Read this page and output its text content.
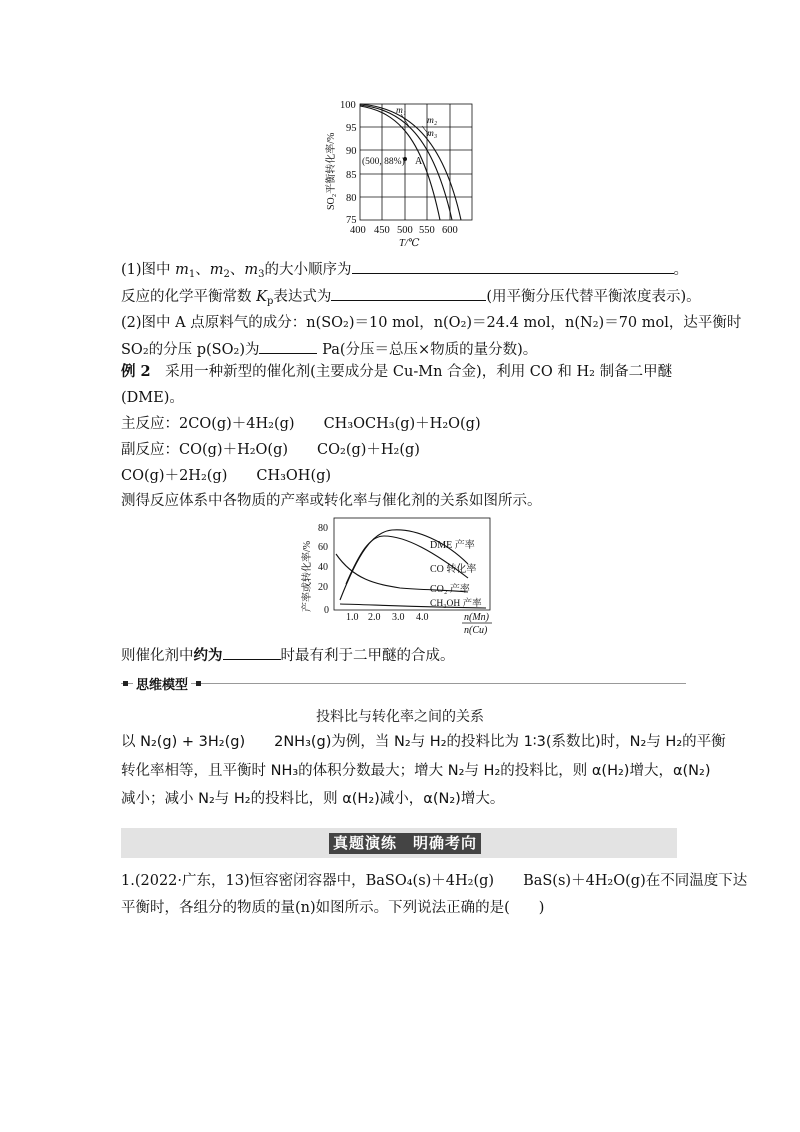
100
95
90
85
80
75
400 450 500 550 600
T/℃
m₁
m₂
m₃
(500, 88%) A
SO₂平衡转化率/%
(1)图中 $m_1$、$m_2$、$m_3$的大小顺序为	。
反应的化学平衡常数 $K_p$表达式为	(用平衡分压代替平衡浓度表示)。
(2)图中 A 点原料气的成分：n(SO₂)＝10 mol，n(O₂)＝24.4 mol，n(N₂)＝70 mol，达平衡时
SO₂的分压 p(SO₂)为	Pa(分压＝总压×物质的量分数)。
例 2　采用一种新型的催化剂(主要成分是 Cu-Mn 合金)，利用 CO 和 H₂ 制备二甲醚
(DME)。
主反应：2CO(g)＋4H₂(g)　　CH₃OCH₃(g)＋H₂O(g)
副反应：CO(g)＋H₂O(g)　　CO₂(g)＋H₂(g)
CO(g)＋2H₂(g)　　CH₃OH(g)
测得反应体系中各物质的产率或转化率与催化剂的关系如图所示。
80
60
40
20
0
1.0 2.0 3.0 4.0	n(Mn)
n(Cu)
DME 产率
CO 转化率
CO₂ 产率
CH₃OH 产率
产率或转化率/%
则催化剂中约为	时最有利于二甲醚的合成。
思维模型
投料比与转化率之间的关系
以 N₂(g) + 3H₂(g)　　2NH₃(g)为例，当 N₂与 H₂的投料比为 1∶3(系数比)时，N₂与 H₂的平衡
转化率相等，且平衡时 NH₃的体积分数最大；增大 N₂与 H₂的投料比，则 α(H₂)增大，α(N₂)
减小；减小 N₂与 H₂的投料比，则 α(H₂)减小，α(N₂)增大。
真题演练　明确考向
1.(2022·广东，13)恒容密闭容器中，BaSO₄(s)＋4H₂(g)　　BaS(s)＋4H₂O(g)在不同温度下达
平衡时，各组分的物质的量(n)如图所示。下列说法正确的是(　　)
